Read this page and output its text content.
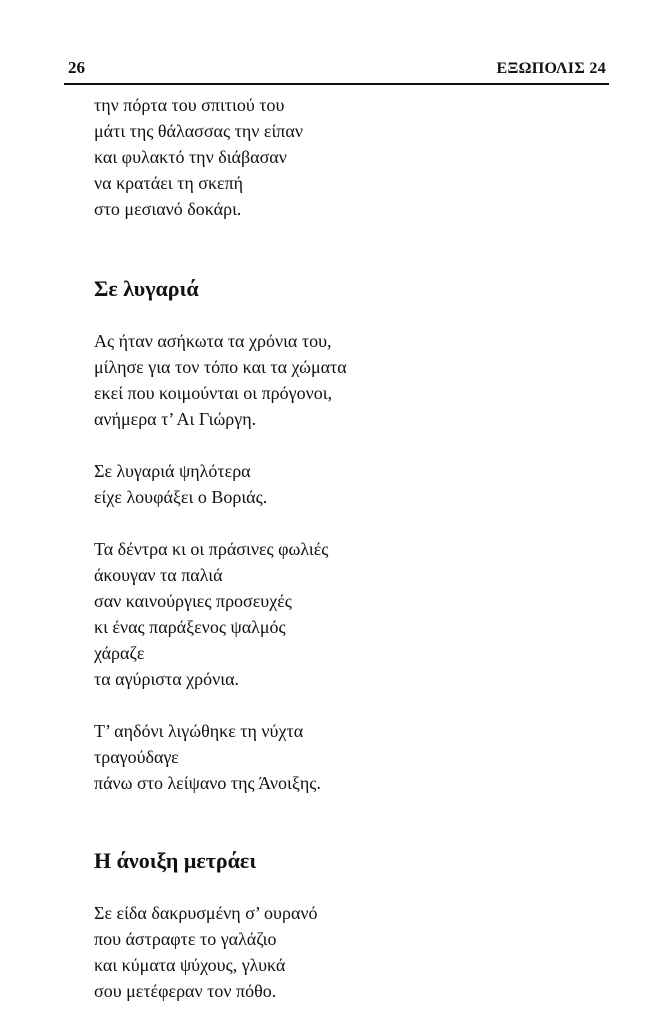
26	ΕΞΩΠΟΛΙΣ 24
την πόρτα του σπιτιού του
μάτι της θάλασσας την είπαν
και φυλακτό την διάβασαν
να κρατάει τη σκεπή
στο μεσιανό δοκάρι.
Σε λυγαριά
Ας ήταν ασήκωτα τα χρόνια του,
μίλησε για τον τόπο και τα χώματα
εκεί που κοιμούνται οι πρόγονοι,
ανήμερα τ’ Αι Γιώργη.
Σε λυγαριά ψηλότερα
είχε λουφάξει ο Βοριάς.
Τα δέντρα κι οι πράσινες φωλιές
άκουγαν τα παλιά
σαν καινούργιες προσευχές
κι ένας παράξενος ψαλμός
χάραζε
τα αγύριστα χρόνια.
Τ’ αηδόνι λιγώθηκε τη νύχτα
τραγούδαγε
πάνω στο λείψανο της Άνοιξης.
Η άνοιξη μετράει
Σε είδα δακρυσμένη σ’ ουρανό
που άστραφτε το γαλάζιο
και κύματα ψύχους, γλυκά
σου μετέφεραν τον πόθο.
